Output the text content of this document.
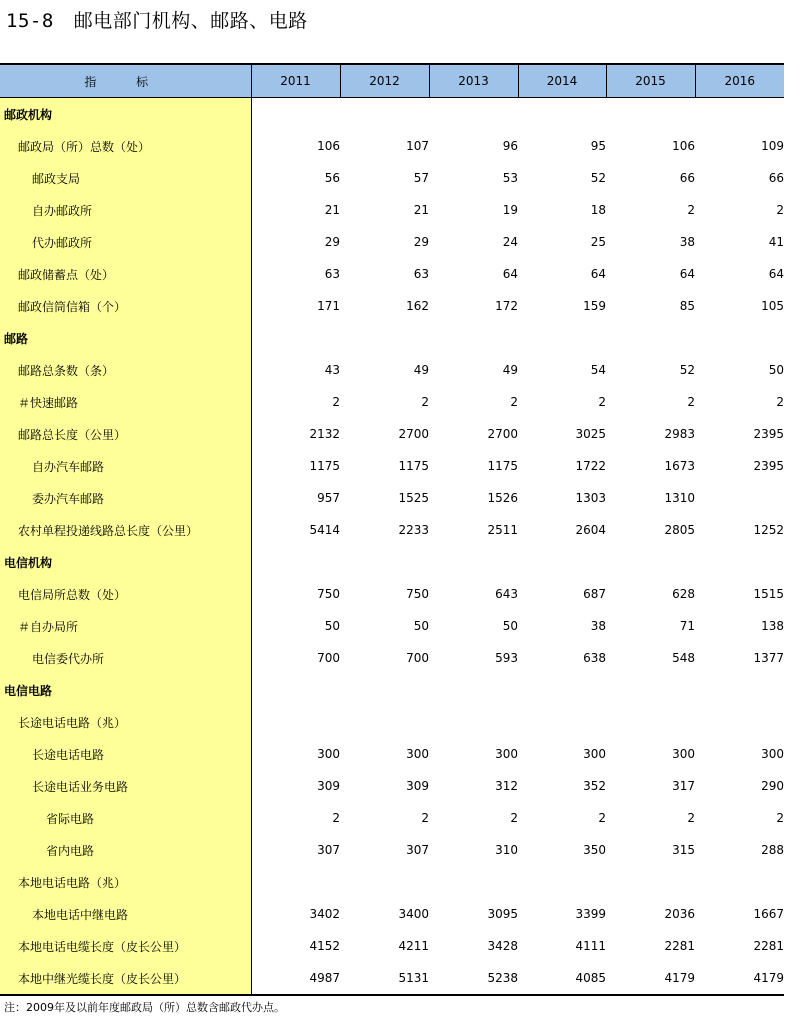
15-8 邮电部门机构、邮路、电路
指 标	2011	2012	2013	2014	2015	2016
邮政机构						
邮政局（所）总数（处）	106	107	96	95	106	109
邮政支局	56	57	53	52	66	66
自办邮政所	21	21	19	18	2	2
代办邮政所	29	29	24	25	38	41
邮政储蓄点（处）	63	63	64	64	64	64
邮政信筒信箱（个）	171	162	172	159	85	105
邮路						
邮路总条数（条）	43	49	49	54	52	50
＃快速邮路	2	2	2	2	2	2
邮路总长度（公里）	2132	2700	2700	3025	2983	2395
自办汽车邮路	1175	1175	1175	1722	1673	2395
委办汽车邮路	957	1525	1526	1303	1310	
农村单程投递线路总长度（公里）	5414	2233	2511	2604	2805	1252
电信机构						
电信局所总数（处）	750	750	643	687	628	1515
＃自办局所	50	50	50	38	71	138
电信委代办所	700	700	593	638	548	1377
电信电路						
长途电话电路（兆）						
长途电话电路	300	300	300	300	300	300
长途电话业务电路	309	309	312	352	317	290
省际电路	2	2	2	2	2	2
省内电路	307	307	310	350	315	288
本地电话电路（兆）						
本地电话中继电路	3402	3400	3095	3399	2036	1667
本地电话电缆长度（皮长公里）	4152	4211	3428	4111	2281	2281
本地中继光缆长度（皮长公里）	4987	5131	5238	4085	4179	4179
注：2009年及以前年度邮政局（所）总数含邮政代办点。
